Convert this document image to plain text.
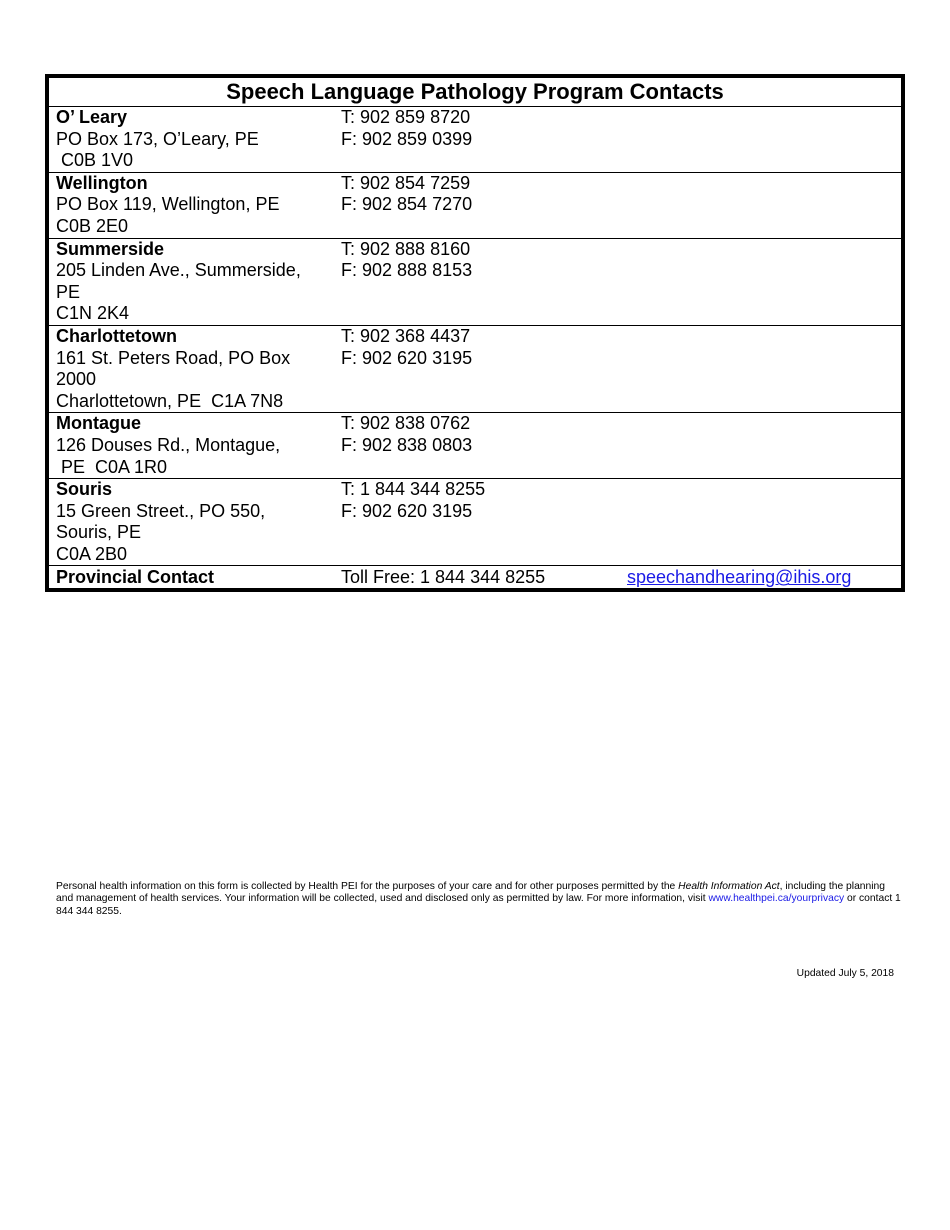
Speech Language Pathology Program Contacts
O’ Leary
PO Box 173, O’Leary, PE
C0B 1V0
T: 902 859 8720
F: 902 859 0399
Wellington
PO Box 119, Wellington, PE
C0B 2E0
T: 902 854 7259
F: 902 854 7270
Summerside
205 Linden Ave., Summerside,
PE
C1N 2K4
T: 902 888 8160
F: 902 888 8153
Charlottetown
161 St. Peters Road, PO Box
2000
Charlottetown, PE  C1A 7N8
T: 902 368 4437
F: 902 620 3195
Montague
126 Douses Rd., Montague,
PE  C0A 1R0
T: 902 838 0762
F: 902 838 0803
Souris
15 Green Street., PO 550,
Souris, PE
C0A 2B0
T: 1 844 344 8255
F: 902 620 3195
Provincial Contact	Toll Free: 1 844 344 8255	speechandhearing@ihis.org
Personal health information on this form is collected by Health PEI for the purposes of your care and for other purposes permitted by the Health Information Act, including the planning and management of health services. Your information will be collected, used and disclosed only as permitted by law. For more information, visit www.healthpei.ca/yourprivacy or contact 1 844 344 8255.
Updated July 5, 2018
